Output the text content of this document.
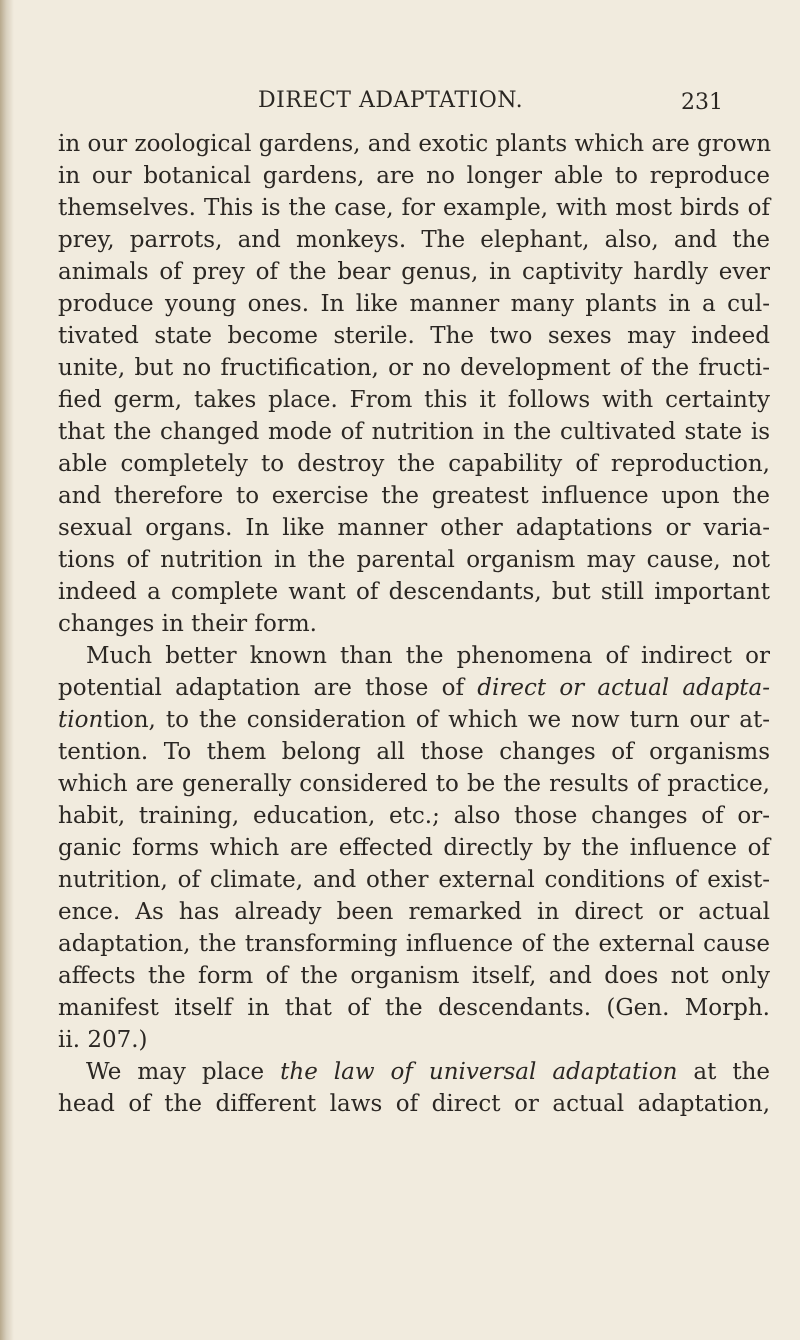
DIRECT ADAPTATION.	231
in our zoological gardens, and exotic plants which are grown
in our botanical gardens, are no longer able to reproduce
themselves. This is the case, for example, with most birds of
prey, parrots, and monkeys. The elephant, also, and the
animals of prey of the bear genus, in captivity hardly ever
produce young ones. In like manner many plants in a cul-
tivated state become sterile. The two sexes may indeed
unite, but no fructification, or no development of the fructi-
fied germ, takes place. From this it follows with certainty
that the changed mode of nutrition in the cultivated state is
able completely to destroy the capability of reproduction,
and therefore to exercise the greatest influence upon the
sexual organs. In like manner other adaptations or varia-
tions of nutrition in the parental organism may cause, not
indeed a complete want of descendants, but still important
changes in their form.
Much better known than the phenomena of indirect or
potential adaptation are those of direct or actual adapta-
tiontion, to the consideration of which we now turn our at-
tention. To them belong all those changes of organisms
which are generally considered to be the results of practice,
habit, training, education, etc.; also those changes of or-
ganic forms which are effected directly by the influence of
nutrition, of climate, and other external conditions of exist-
ence. As has already been remarked in direct or actual
adaptation, the transforming influence of the external cause
affects the form of the organism itself, and does not only
manifest itself in that of the descendants. (Gen. Morph.
ii. 207.)
We may place the law of universal adaptation at the
head of the different laws of direct or actual adaptation,
